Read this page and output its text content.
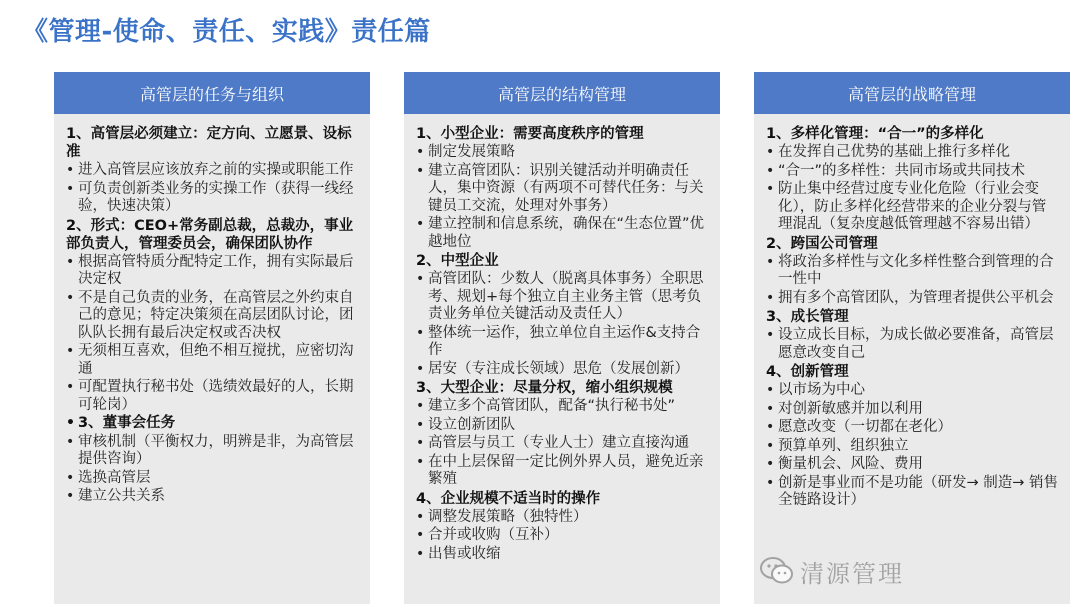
《管理-使命、责任、实践》责任篇
高管层的任务与组织
1、高管层必须建立：定方向、立愿景、设标准
• 进入高管层应该放弃之前的实操或职能工作
• 可负责创新类业务的实操工作（获得一线经验，快速决策）
2、形式：CEO+常务副总裁，总裁办，事业部负责人，管理委员会，确保团队协作
• 根据高管特质分配特定工作，拥有实际最后决定权
• 不是自己负责的业务，在高管层之外约束自己的意见；特定决策须在高层团队讨论，团队队长拥有最后决定权或否决权
• 无须相互喜欢，但绝不相互搅扰，应密切沟通
• 可配置执行秘书处（选绩效最好的人，长期可轮岗）
• 3、董事会任务
• 审核机制（平衡权力，明辨是非，为高管层提供咨询）
• 选换高管层
• 建立公共关系
高管层的结构管理
1、小型企业：需要高度秩序的管理
• 制定发展策略
• 建立高管团队：识别关键活动并明确责任人，集中资源（有两项不可替代任务：与关键员工交流，处理对外事务）
• 建立控制和信息系统，确保在“生态位置”优越地位
2、中型企业
• 高管团队：少数人（脱离具体事务）全职思考、规划+每个独立自主业务主管（思考负责业务单位关键活动及责任人）
• 整体统一运作，独立单位自主运作&支持合作
• 居安（专注成长领域）思危（发展创新）
3、大型企业：尽量分权，缩小组织规模
• 建立多个高管团队，配备“执行秘书处”
• 设立创新团队
• 高管层与员工（专业人士）建立直接沟通
• 在中上层保留一定比例外界人员，避免近亲繁殖
4、企业规模不适当时的操作
• 调整发展策略（独特性）
• 合并或收购（互补）
• 出售或收缩
高管层的战略管理
1、多样化管理：“合一”的多样化
• 在发挥自己优势的基础上推行多样化
• “合一”的多样性：共同市场或共同技术
• 防止集中经营过度专业化危险（行业会变化），防止多样化经营带来的企业分裂与管理混乱（复杂度越低管理越不容易出错）
2、跨国公司管理
• 将政治多样性与文化多样性整合到管理的合一性中
• 拥有多个高管团队，为管理者提供公平机会
3、成长管理
• 设立成长目标，为成长做必要准备，高管层愿意改变自己
4、创新管理
• 以市场为中心
• 对创新敏感并加以利用
• 愿意改变（一切都在老化）
• 预算单列、组织独立
• 衡量机会、风险、费用
• 创新是事业而不是功能（研发→ 制造→ 销售全链路设计）
清源管理
